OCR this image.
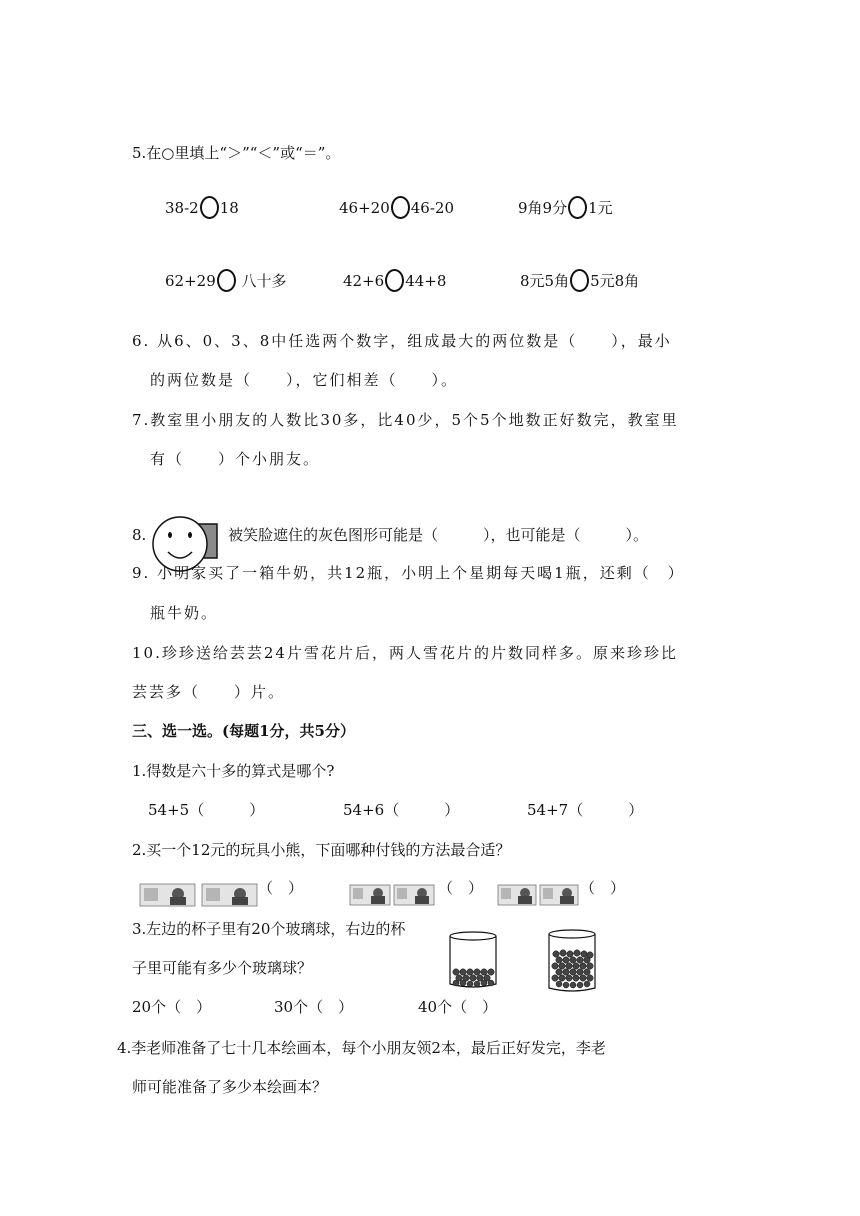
5.在○里填上“＞”“＜”或“＝”。
38-2 18	46+20 46-20	9角9分 1元
62+29 八十多	42+6 44+8	8元5角 5元8角
6. 从6、0、3、8中任选两个数字，组成最大的两位数是（　　），最小
的两位数是（　　），它们相差（　　）。
7.教室里小朋友的人数比30多，比40少，5个5个地数正好数完，教室里
有（　　）个小朋友。
8.	被笑脸遮住的灰色图形可能是（　　　），也可能是（　　　）。
9. 小明家买了一箱牛奶，共12瓶，小明上个星期每天喝1瓶，还剩（　）
瓶牛奶。
10.珍珍送给芸芸24片雪花片后，两人雪花片的片数同样多。原来珍珍比
芸芸多（　　）片。
三、选一选。(每题1分，共5分）
1.得数是六十多的算式是哪个?
54+5（　　　）	54+6（　　　）	54+7（　　　）
2.买一个12元的玩具小熊，下面哪种付钱的方法最合适？
（　）	（　）	（　）
3.左边的杯子里有20个玻璃球，右边的杯
子里可能有多少个玻璃球？
20个（　）	30个（　）	40个（　）
4.李老师准备了七十几本绘画本，每个小朋友领2本，最后正好发完，李老
师可能准备了多少本绘画本？
